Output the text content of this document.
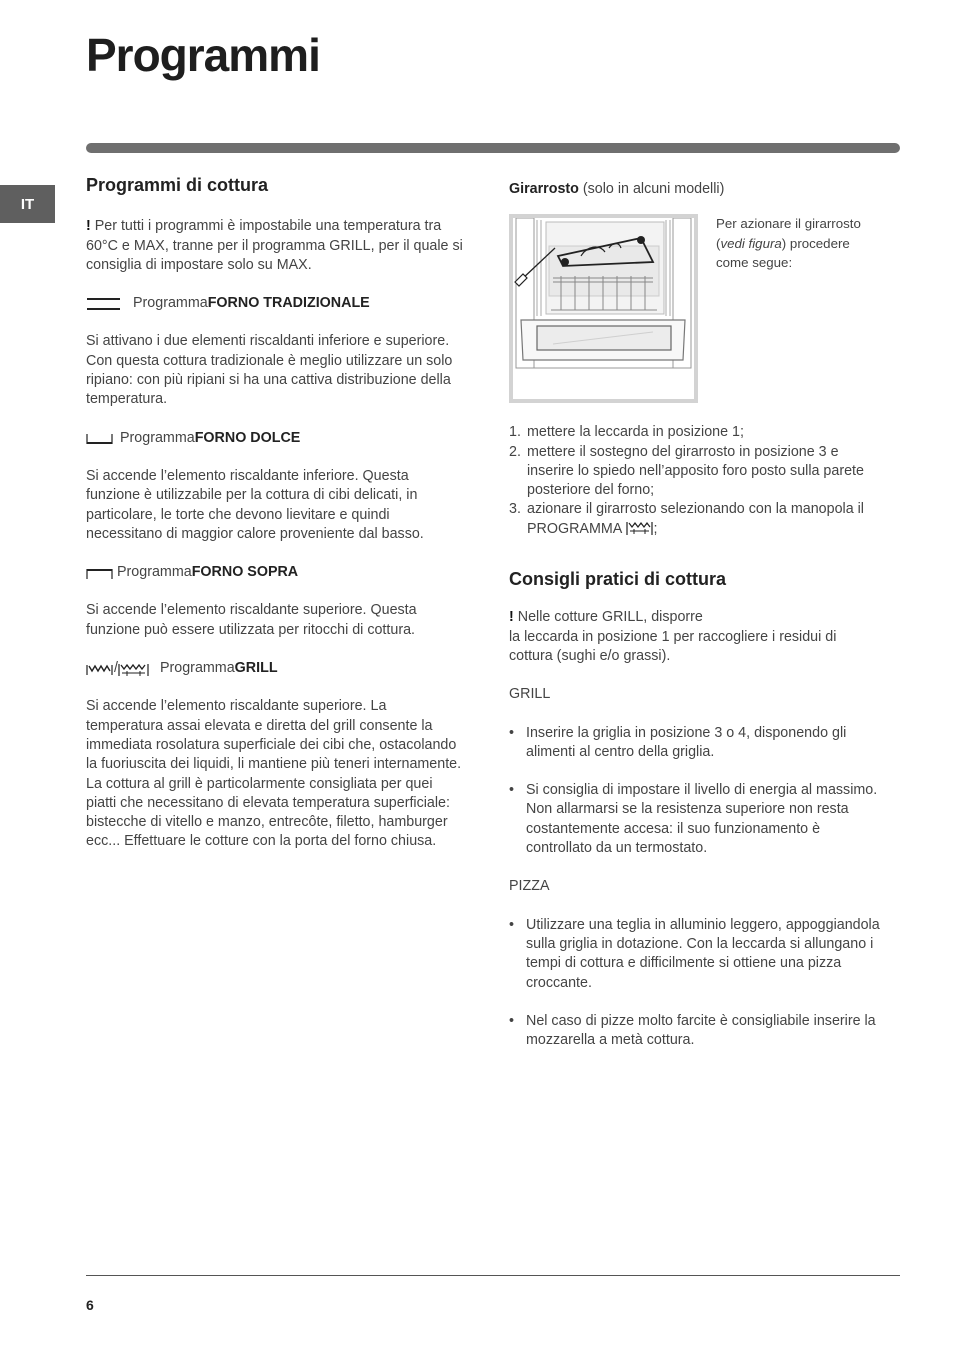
Programmi
IT
Programmi di cottura

! Per tutti i programmi è impostabile una temperatura tra 60°C e MAX, tranne per il programma GRILL, per il quale si consiglia di impostare solo su MAX.

Programma FORNO TRADIZIONALE

Si attivano i due elementi riscaldanti inferiore e superiore. Con questa cottura tradizionale è meglio utilizzare un solo ripiano: con più ripiani si ha una cattiva distribuzione della temperatura.

Programma FORNO DOLCE

Si accende l’elemento riscaldante inferiore. Questa funzione è utilizzabile per la cottura di cibi delicati, in particolare, le torte che devono lievitare e quindi necessitano di maggior calore proveniente dal basso.

Programma FORNO SOPRA

Si accende l’elemento riscaldante superiore. Questa funzione può essere utilizzata per ritocchi di cottura.

/	Programma GRILL

Si accende l’elemento riscaldante superiore. La temperatura assai elevata e diretta del grill consente la immediata rosolatura superficiale dei cibi che, ostacolando la fuoriuscita dei liquidi, li mantiene più teneri internamente. La cottura al grill è particolarmente consigliata per quei piatti che necessitano di elevata temperatura superficiale: bistecche di vitello e manzo, entrecôte, filetto, hamburger ecc... Effettuare le cotture con la porta del forno chiusa.

Girarrosto (solo in alcuni modelli)

Per azionare il girarrosto (vedi figura) procedere come segue:

1. mettere la leccarda in posizione 1;
2. mettere il sostegno del girarrosto in posizione 3 e inserire lo spiedo nell’apposito foro posto sulla parete posteriore del forno;
3. azionare il girarrosto selezionando con la manopola il PROGRAMMA ;
Consigli pratici di cottura

! Nelle cotture GRILL, disporre
la leccarda in posizione 1 per raccogliere i residui di cottura (sughi e/o grassi).

GRILL

• Inserire la griglia in posizione 3 o 4, disponendo gli alimenti al centro della griglia.
• Si consiglia di impostare il livello di energia al massimo. Non allarmarsi se la resistenza superiore non resta costantemente accesa: il suo funzionamento è controllato da un termostato.

PIZZA

• Utilizzare una teglia in alluminio leggero, appoggiandola sulla griglia in dotazione. Con la leccarda si allungano i tempi di cottura e difficilmente si ottiene una pizza croccante.
• Nel caso di pizze molto farcite è consigliabile inserire la mozzarella a metà cottura.
6
